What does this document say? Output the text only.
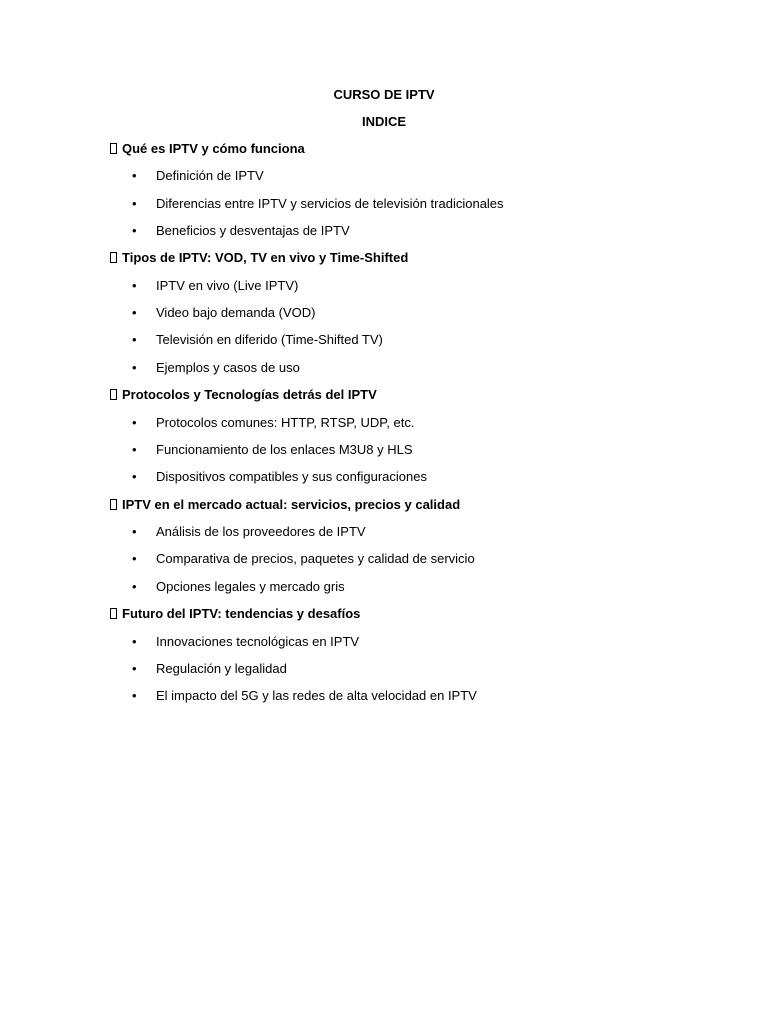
CURSO DE IPTV
INDICE
Qué es IPTV y cómo funciona
• Definición de IPTV
• Diferencias entre IPTV y servicios de televisión tradicionales
• Beneficios y desventajas de IPTV
Tipos de IPTV: VOD, TV en vivo y Time-Shifted
• IPTV en vivo (Live IPTV)
• Video bajo demanda (VOD)
• Televisión en diferido (Time-Shifted TV)
• Ejemplos y casos de uso
Protocolos y Tecnologías detrás del IPTV
• Protocolos comunes: HTTP, RTSP, UDP, etc.
• Funcionamiento de los enlaces M3U8 y HLS
• Dispositivos compatibles y sus configuraciones
IPTV en el mercado actual: servicios, precios y calidad
• Análisis de los proveedores de IPTV
• Comparativa de precios, paquetes y calidad de servicio
• Opciones legales y mercado gris
Futuro del IPTV: tendencias y desafíos
• Innovaciones tecnológicas en IPTV
• Regulación y legalidad
• El impacto del 5G y las redes de alta velocidad en IPTV
